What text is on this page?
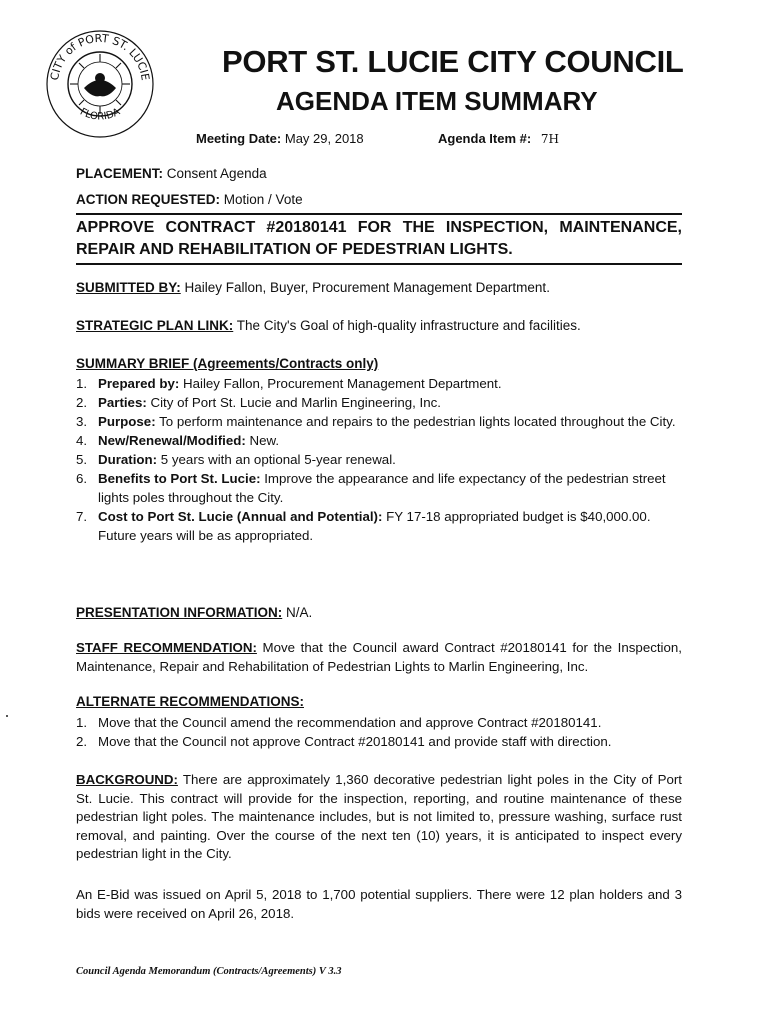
CITY of PORT ST. LUCIE
FLORIDA
PORT ST. LUCIE CITY COUNCIL
AGENDA ITEM SUMMARY
Meeting Date: May 29, 2018	Agenda Item #: 7H
PLACEMENT: Consent Agenda
ACTION REQUESTED: Motion / Vote
APPROVE CONTRACT #20180141 FOR THE INSPECTION, MAINTENANCE, REPAIR AND REHABILITATION OF PEDESTRIAN LIGHTS.
SUBMITTED BY: Hailey Fallon, Buyer, Procurement Management Department.
STRATEGIC PLAN LINK: The City's Goal of high-quality infrastructure and facilities.
SUMMARY BRIEF (Agreements/Contracts only)
1. Prepared by: Hailey Fallon, Procurement Management Department.
2. Parties: City of Port St. Lucie and Marlin Engineering, Inc.
3. Purpose: To perform maintenance and repairs to the pedestrian lights located throughout the City.
4. New/Renewal/Modified: New.
5. Duration: 5 years with an optional 5-year renewal.
6. Benefits to Port St. Lucie: Improve the appearance and life expectancy of the pedestrian street lights poles throughout the City.
7. Cost to Port St. Lucie (Annual and Potential): FY 17-18 appropriated budget is $40,000.00. Future years will be as appropriated.
PRESENTATION INFORMATION: N/A.
STAFF RECOMMENDATION: Move that the Council award Contract #20180141 for the Inspection, Maintenance, Repair and Rehabilitation of Pedestrian Lights to Marlin Engineering, Inc.
ALTERNATE RECOMMENDATIONS:
1. Move that the Council amend the recommendation and approve Contract #20180141.
2. Move that the Council not approve Contract #20180141 and provide staff with direction.
BACKGROUND: There are approximately 1,360 decorative pedestrian light poles in the City of Port St. Lucie. This contract will provide for the inspection, reporting, and routine maintenance of these pedestrian light poles. The maintenance includes, but is not limited to, pressure washing, surface rust removal, and painting. Over the course of the next ten (10) years, it is anticipated to inspect every pedestrian light in the City.
An E-Bid was issued on April 5, 2018 to 1,700 potential suppliers. There were 12 plan holders and 3 bids were received on April 26, 2018.
Council Agenda Memorandum (Contracts/Agreements) V 3.3
